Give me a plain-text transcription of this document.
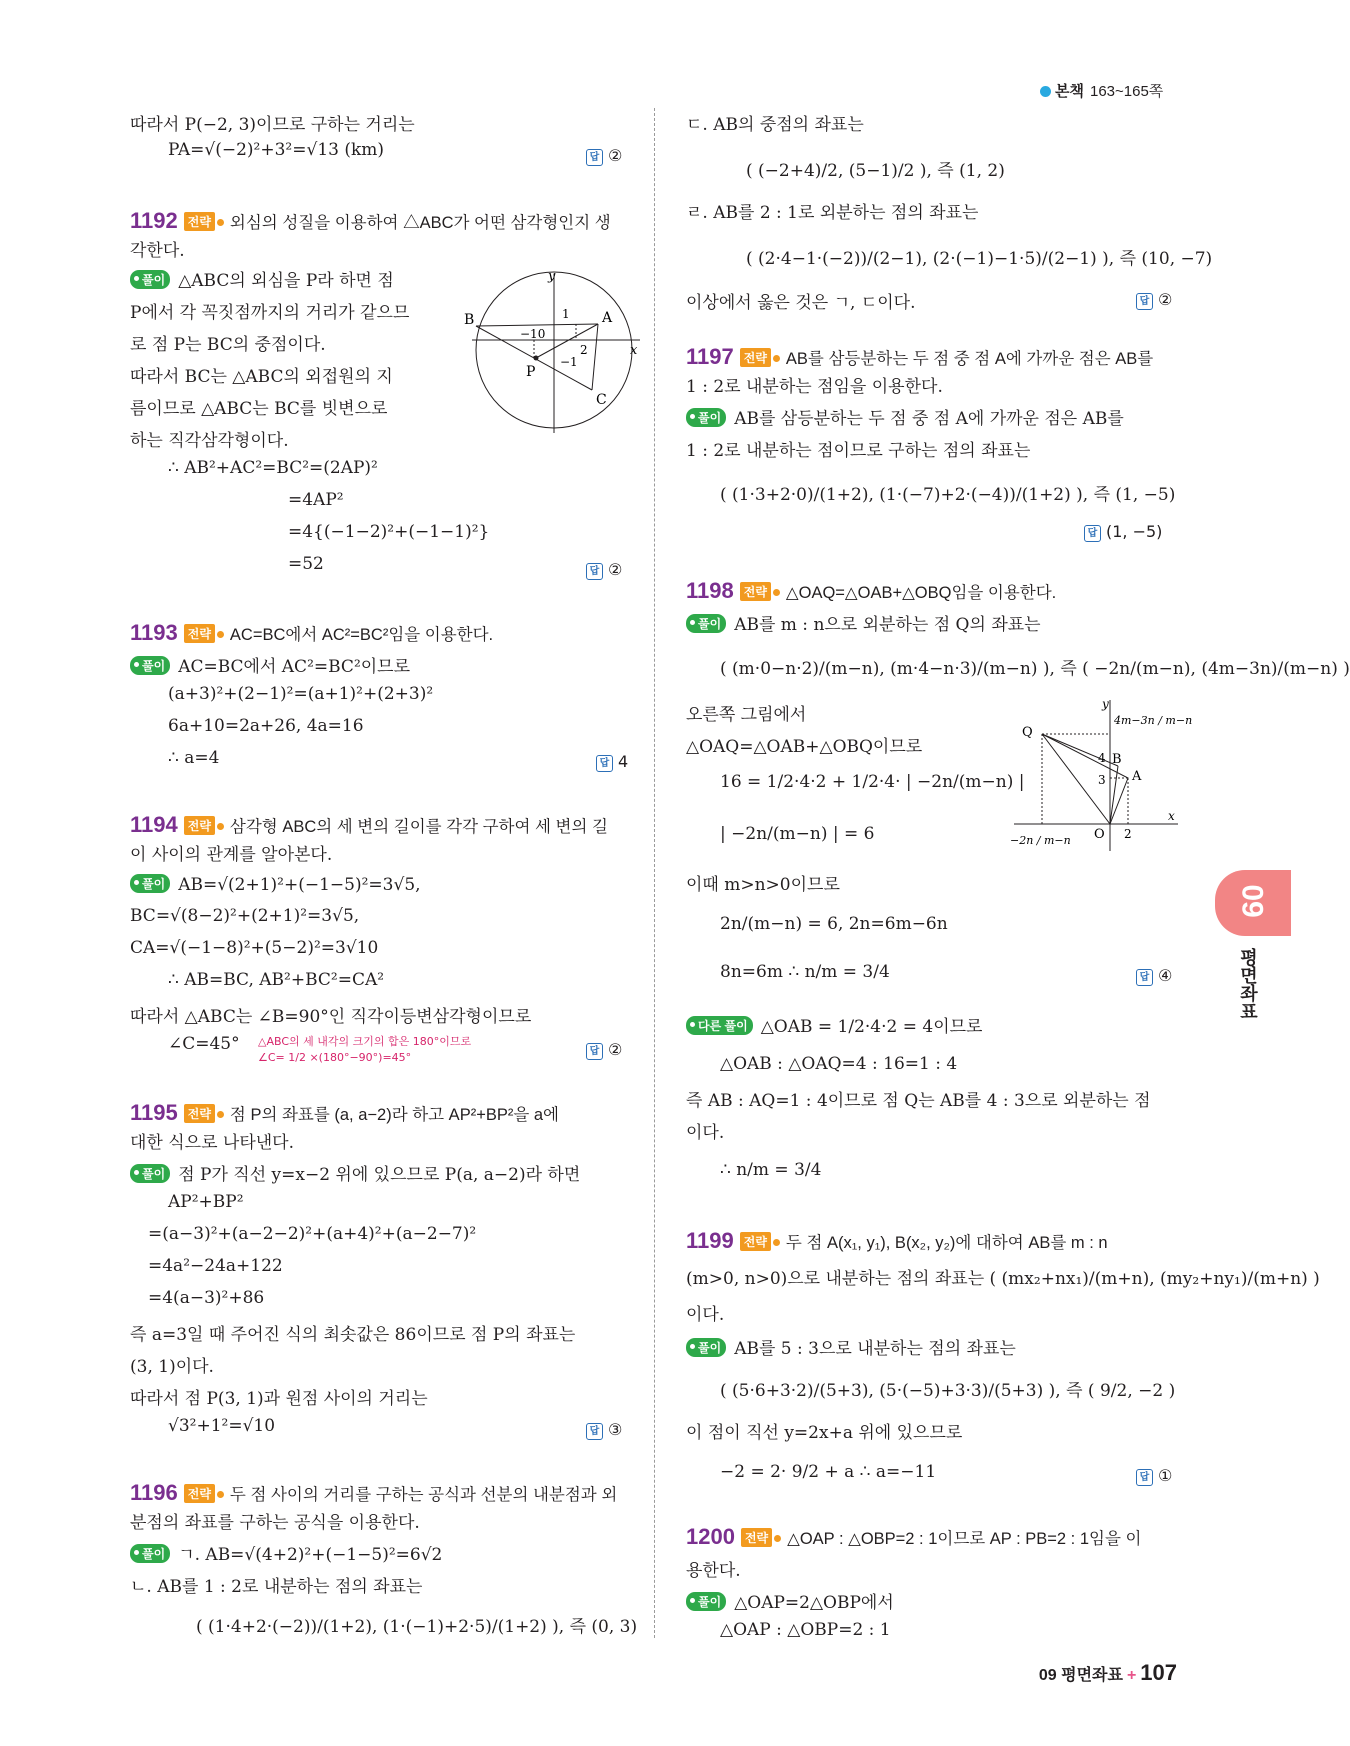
본책 163~165쪽
따라서 P(−2, 3)이므로 구하는 거리는
PA=√(−2)²+3²=√13 (km)
1192 전략 외심의 성질을 이용하여 △ABC가 어떤 삼각형인지 생
각한다.
풀이 △ABC의 외심을 P라 하면 점
P에서 각 꼭짓점까지의 거리가 같으므
로 점 P는 BC의 중점이다.
따라서 BC는 △ABC의 외접원의 지
름이므로 △ABC는 BC를 빗변으로
하는 직각삼각형이다.
∴ AB²+AC²=BC²=(2AP)²
=4AP²
=4{(−1−2)²+(−1−1)²}
=52
1193 전략 AC=BC에서 AC²=BC²임을 이용한다.
풀이 AC=BC에서 AC²=BC²이므로
(a+3)²+(2−1)²=(a+1)²+(2+3)²
6a+10=2a+26, 4a=16
∴ a=4
1194 전략 삼각형 ABC의 세 변의 길이를 각각 구하여 세 변의 길
이 사이의 관계를 알아본다.
풀이 AB=√(2+1)²+(−1−5)²=3√5,
BC=√(8−2)²+(2+1)²=3√5,
CA=√(−1−8)²+(5−2)²=3√10
∴ AB=BC, AB²+BC²=CA²
따라서 △ABC는 ∠B=90°인 직각이등변삼각형이므로
∠C=45°
1195 전략 점 P의 좌표를 (a, a−2)라 하고 AP²+BP²을 a에
대한 식으로 나타낸다.
풀이 점 P가 직선 y=x−2 위에 있으므로 P(a, a−2)라 하면
AP²+BP²
=(a−3)²+(a−2−2)²+(a+4)²+(a−2−7)²
=4a²−24a+122
=4(a−3)²+86
즉 a=3일 때 주어진 식의 최솟값은 86이므로 점 P의 좌표는
(3, 1)이다.
따라서 점 P(3, 1)과 원점 사이의 거리는
√3²+1²=√10
1196 전략 두 점 사이의 거리를 구하는 공식과 선분의 내분점과 외
분점의 좌표를 구하는 공식을 이용한다.
풀이 ㄱ. AB=√(4+2)²+(−1−5)²=6√2
ㄴ. AB를 1 : 2로 내분하는 점의 좌표는
( (1·4+2·(−2))/(1+2), (1·(−1)+2·5)/(1+2) ), 즉 (0, 3)
ㄷ. AB의 중점의 좌표는
( (−2+4)/2, (5−1)/2 ), 즉 (1, 2)
ㄹ. AB를 2 : 1로 외분하는 점의 좌표는
( (2·4−1·(−2))/(2−1), (2·(−1)−1·5)/(2−1) ), 즉 (10, −7)
이상에서 옳은 것은 ㄱ, ㄷ이다.
1197 전략 AB를 삼등분하는 두 점 중 점 A에 가까운 점은 AB를
1 : 2로 내분하는 점임을 이용한다.
풀이 AB를 삼등분하는 두 점 중 점 A에 가까운 점은 AB를
1 : 2로 내분하는 점이므로 구하는 점의 좌표는
( (1·3+2·0)/(1+2), (1·(−7)+2·(−4))/(1+2) ), 즉 (1, −5)
1198 전략 △OAQ=△OAB+△OBQ임을 이용한다.
풀이 AB를 m : n으로 외분하는 점 Q의 좌표는
( (m·0−n·2)/(m−n), (m·4−n·3)/(m−n) ), 즉 ( −2n/(m−n), (4m−3n)/(m−n) )
오른쪽 그림에서
△OAQ=△OAB+△OBQ이므로
16 = 1/2·4·2 + 1/2·4· | −2n/(m−n) |
| −2n/(m−n) | = 6
이때 m>n>0이므로
2n/(m−n) = 6, 2n=6m−6n
8n=6m ∴ n/m = 3/4
다른 풀이 △OAB = 1/2·4·2 = 4이므로
△OAB : △OAQ=4 : 16=1 : 4
즉 AB : AQ=1 : 4이므로 점 Q는 AB를 4 : 3으로 외분하는 점
이다.
∴ n/m = 3/4
1199 전략 두 점 A(x₁, y₁), B(x₂, y₂)에 대하여 AB를 m : n
(m>0, n>0)으로 내분하는 점의 좌표는 ( (mx₂+nx₁)/(m+n), (my₂+ny₁)/(m+n) )
이다.
풀이 AB를 5 : 3으로 내분하는 점의 좌표는
( (5·6+3·2)/(5+3), (5·(−5)+3·3)/(5+3) ), 즉 ( 9/2, −2 )
이 점이 직선 y=2x+a 위에 있으므로
−2 = 2· 9/2 + a ∴ a=−11
1200 전략 △OAP : △OBP=2 : 1이므로 AP : PB=2 : 1임을 이
용한다.
풀이 △OAP=2△OBP에서
△OAP : △OBP=2 : 1
y
x
B	A
P
C
−10
1
2
−1
y
x
Q
B
A
O
4
3
2
4m−3n / m−n
−2n / m−n
△ABC의 세 내각의 크기의 합은 180°이므로
∠C= 1/2 ×(180°−90°)=45°
09
평면좌표
09 평면좌표 + 107
답 ②
답 ②
답 4
답 ②
답 ③
답 ②
답 (1, −5)
답 ④
답 ①
